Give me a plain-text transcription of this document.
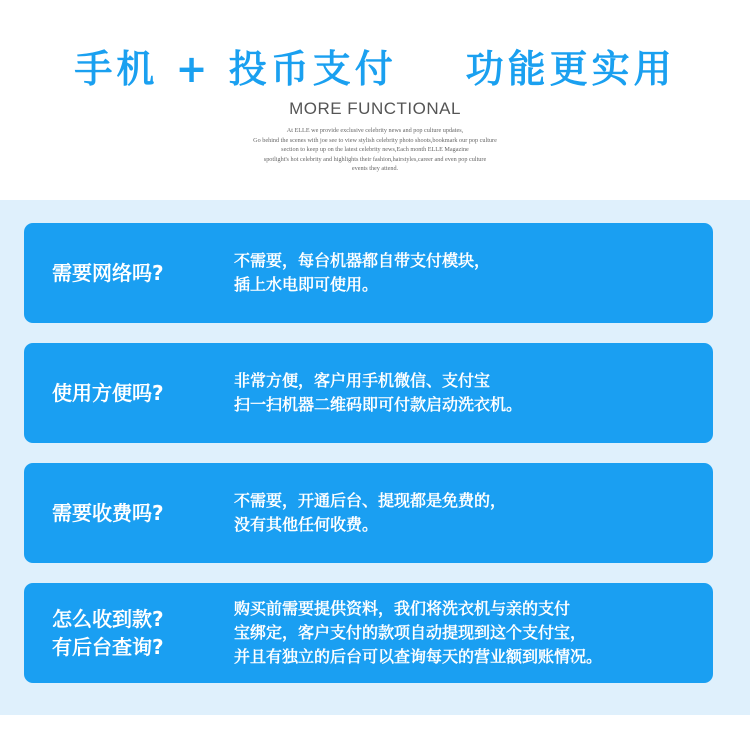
手机 + 投币支付    功能更实用
MORE FUNCTIONAL
At ELLE we provide exclusive celebrity news and pop culture updates,
Go behind the scenes with joe see to view stylish celebrity photo shoots,bookmark our pop culture
section to keep up on the latest celebrity news,Each month ELLE Magazine
spotlight's hot celebrity and highlights their fashion,hairstyles,career and even pop culture
events they attend.
需要网络吗?
不需要，每台机器都自带支付模块，
插上水电即可使用。
使用方便吗?
非常方便，客户用手机微信、支付宝
扫一扫机器二维码即可付款启动洗衣机。
需要收费吗?
不需要，开通后台、提现都是免费的，
没有其他任何收费。
怎么收到款?
有后台查询?
购买前需要提供资料，我们将洗衣机与亲的支付
宝绑定，客户支付的款项自动提现到这个支付宝，
并且有独立的后台可以查询每天的营业额到账情况。
